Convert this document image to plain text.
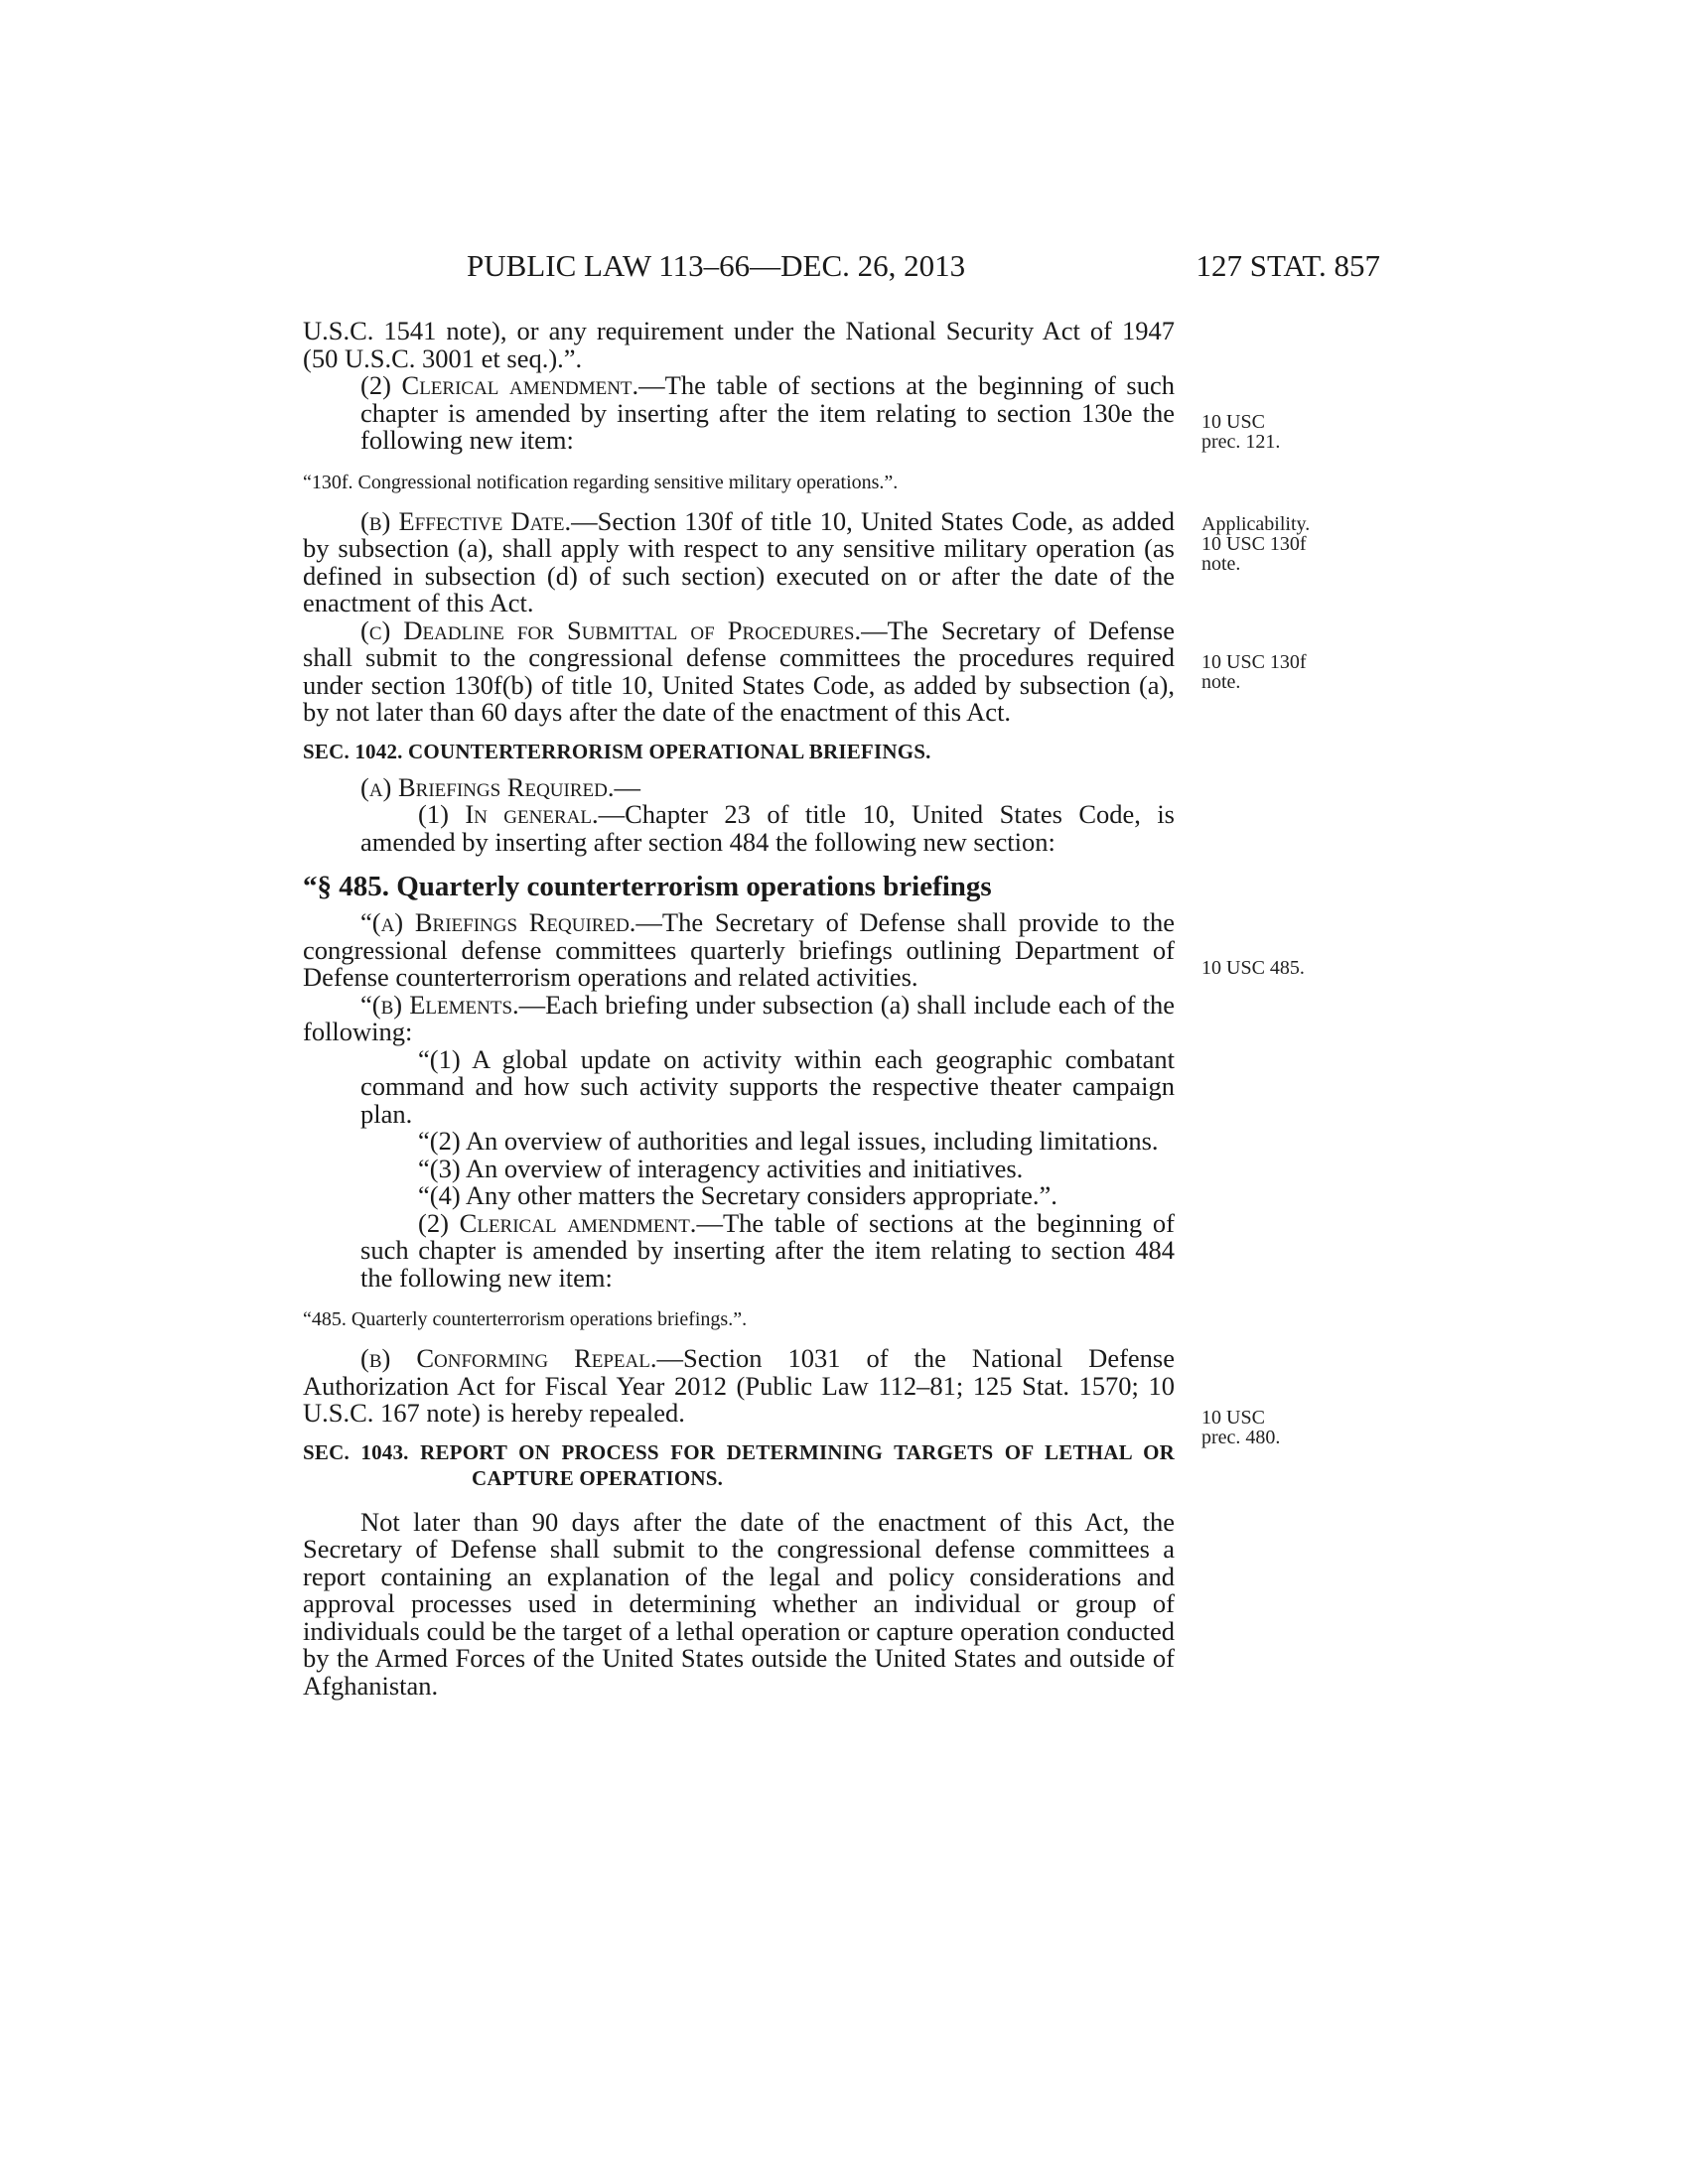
PUBLIC LAW 113–66—DEC. 26, 2013	127 STAT. 857

U.S.C. 1541 note), or any requirement under the National Security Act of 1947 (50 U.S.C. 3001 et seq.).”.

(2) Clerical amendment.—The table of sections at the beginning of such chapter is amended by inserting after the item relating to section 130e the following new item:

“130f. Congressional notification regarding sensitive military operations.”.

(b) Effective Date.—Section 130f of title 10, United States Code, as added by subsection (a), shall apply with respect to any sensitive military operation (as defined in subsection (d) of such section) executed on or after the date of the enactment of this Act.

(c) Deadline for Submittal of Procedures.—The Secretary of Defense shall submit to the congressional defense committees the procedures required under section 130f(b) of title 10, United States Code, as added by subsection (a), by not later than 60 days after the date of the enactment of this Act.

SEC. 1042. COUNTERTERRORISM OPERATIONAL BRIEFINGS.

(a) Briefings Required.—

(1) In general.—Chapter 23 of title 10, United States Code, is amended by inserting after section 484 the following new section:

“§ 485. Quarterly counterterrorism operations briefings

“(a) Briefings Required.—The Secretary of Defense shall provide to the congressional defense committees quarterly briefings outlining Department of Defense counterterrorism operations and related activities.

“(b) Elements.—Each briefing under subsection (a) shall include each of the following:

“(1) A global update on activity within each geographic combatant command and how such activity supports the respective theater campaign plan.

“(2) An overview of authorities and legal issues, including limitations.

“(3) An overview of interagency activities and initiatives.

“(4) Any other matters the Secretary considers appropriate.”.

(2) Clerical amendment.—The table of sections at the beginning of such chapter is amended by inserting after the item relating to section 484 the following new item:

“485. Quarterly counterterrorism operations briefings.”.

(b) Conforming Repeal.—Section 1031 of the National Defense Authorization Act for Fiscal Year 2012 (Public Law 112–81; 125 Stat. 1570; 10 U.S.C. 167 note) is hereby repealed.

SEC. 1043. REPORT ON PROCESS FOR DETERMINING TARGETS OF LETHAL OR CAPTURE OPERATIONS.

Not later than 90 days after the date of the enactment of this Act, the Secretary of Defense shall submit to the congressional defense committees a report containing an explanation of the legal and policy considerations and approval processes used in determining whether an individual or group of individuals could be the target of a lethal operation or capture operation conducted by the Armed Forces of the United States outside the United States and outside of Afghanistan.

10 USC
prec. 121.
Applicability.
10 USC 130f
note.
10 USC 130f
note.
10 USC 485.
10 USC
prec. 480.
